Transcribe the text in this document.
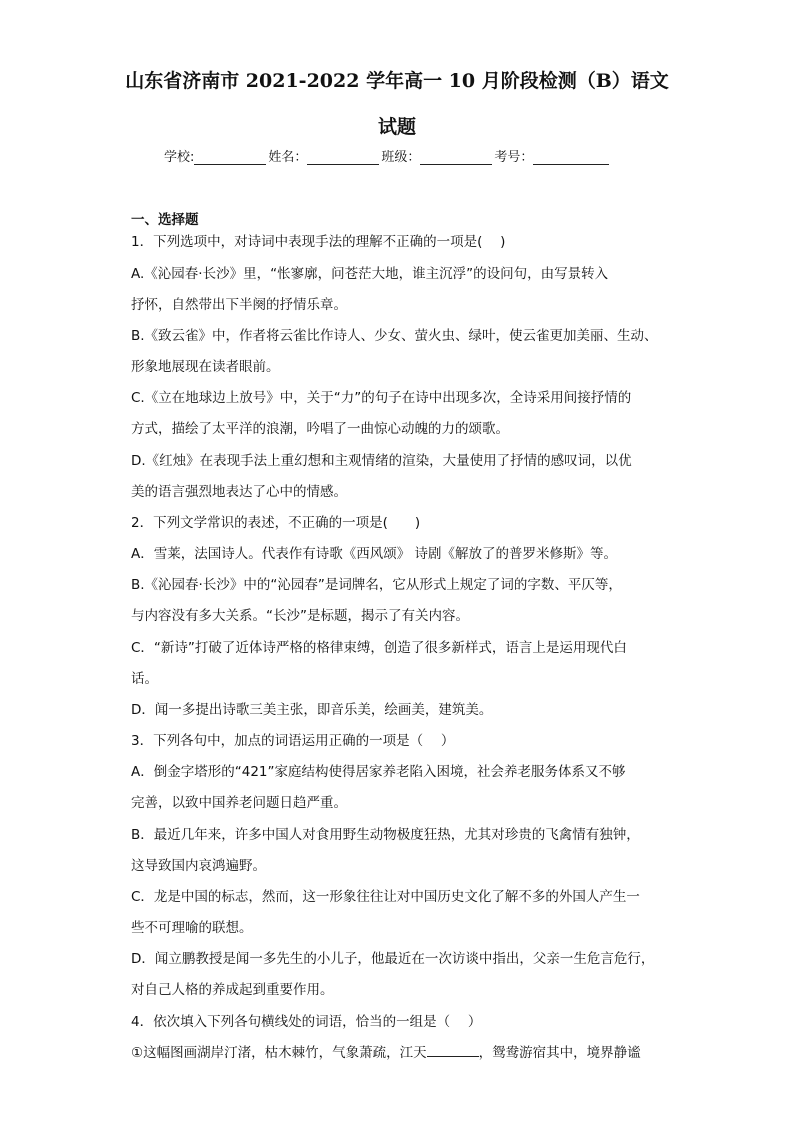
山东省济南市 2021-2022 学年高一 10 月阶段检测（B）语文
试题
学校:	姓名：	班级：	考号：
一、选择题
1．下列选项中，对诗词中表现手法的理解不正确的一项是(　 )
A.《沁园春·长沙》里，“怅寥廓，问苍茫大地，谁主沉浮”的设问句，由写景转入
抒怀，自然带出下半阕的抒情乐章。
B.《致云雀》中，作者将云雀比作诗人、少女、萤火虫、绿叶，使云雀更加美丽、生动、
形象地展现在读者眼前。
C.《立在地球边上放号》中，关于“力”的句子在诗中出现多次，全诗采用间接抒情的
方式，描绘了太平洋的浪潮，吟唱了一曲惊心动魄的力的颂歌。
D.《红烛》在表现手法上重幻想和主观情绪的渲染，大量使用了抒情的感叹词，以优
美的语言强烈地表达了心中的情感。
2．下列文学常识的表述，不正确的一项是(　　)
A．雪莱，法国诗人。代表作有诗歌《西风颂》 诗剧《解放了的普罗米修斯》等。
B.《沁园春·长沙》中的“沁园春”是词牌名，它从形式上规定了词的字数、平仄等，
与内容没有多大关系。“长沙”是标题，揭示了有关内容。
C．“新诗”打破了近体诗严格的格律束缚，创造了很多新样式，语言上是运用现代白
话。
D．闻一多提出诗歌三美主张，即音乐美，绘画美，建筑美。
3．下列各句中，加点的词语运用正确的一项是（　 ）
A．倒金字塔形的“421”家庭结构使得居家养老陷入困境，社会养老服务体系又不够
完善，以致中国养老问题日趋严重。
B．最近几年来，许多中国人对食用野生动物极度狂热，尤其对珍贵的飞禽情有独钟，
这导致国内哀鸿遍野。
C．龙是中国的标志，然而，这一形象往往让对中国历史文化了解不多的外国人产生一
些不可理喻的联想。
D．闻立鹏教授是闻一多先生的小儿子，他最近在一次访谈中指出，父亲一生危言危行，
对自己人格的养成起到重要作用。
4．依次填入下列各句横线处的词语，恰当的一组是（　 ）
①这幅图画湖岸汀渚，枯木棘竹，气象萧疏，江天	，鸳鸯游宿其中，境界静谧
